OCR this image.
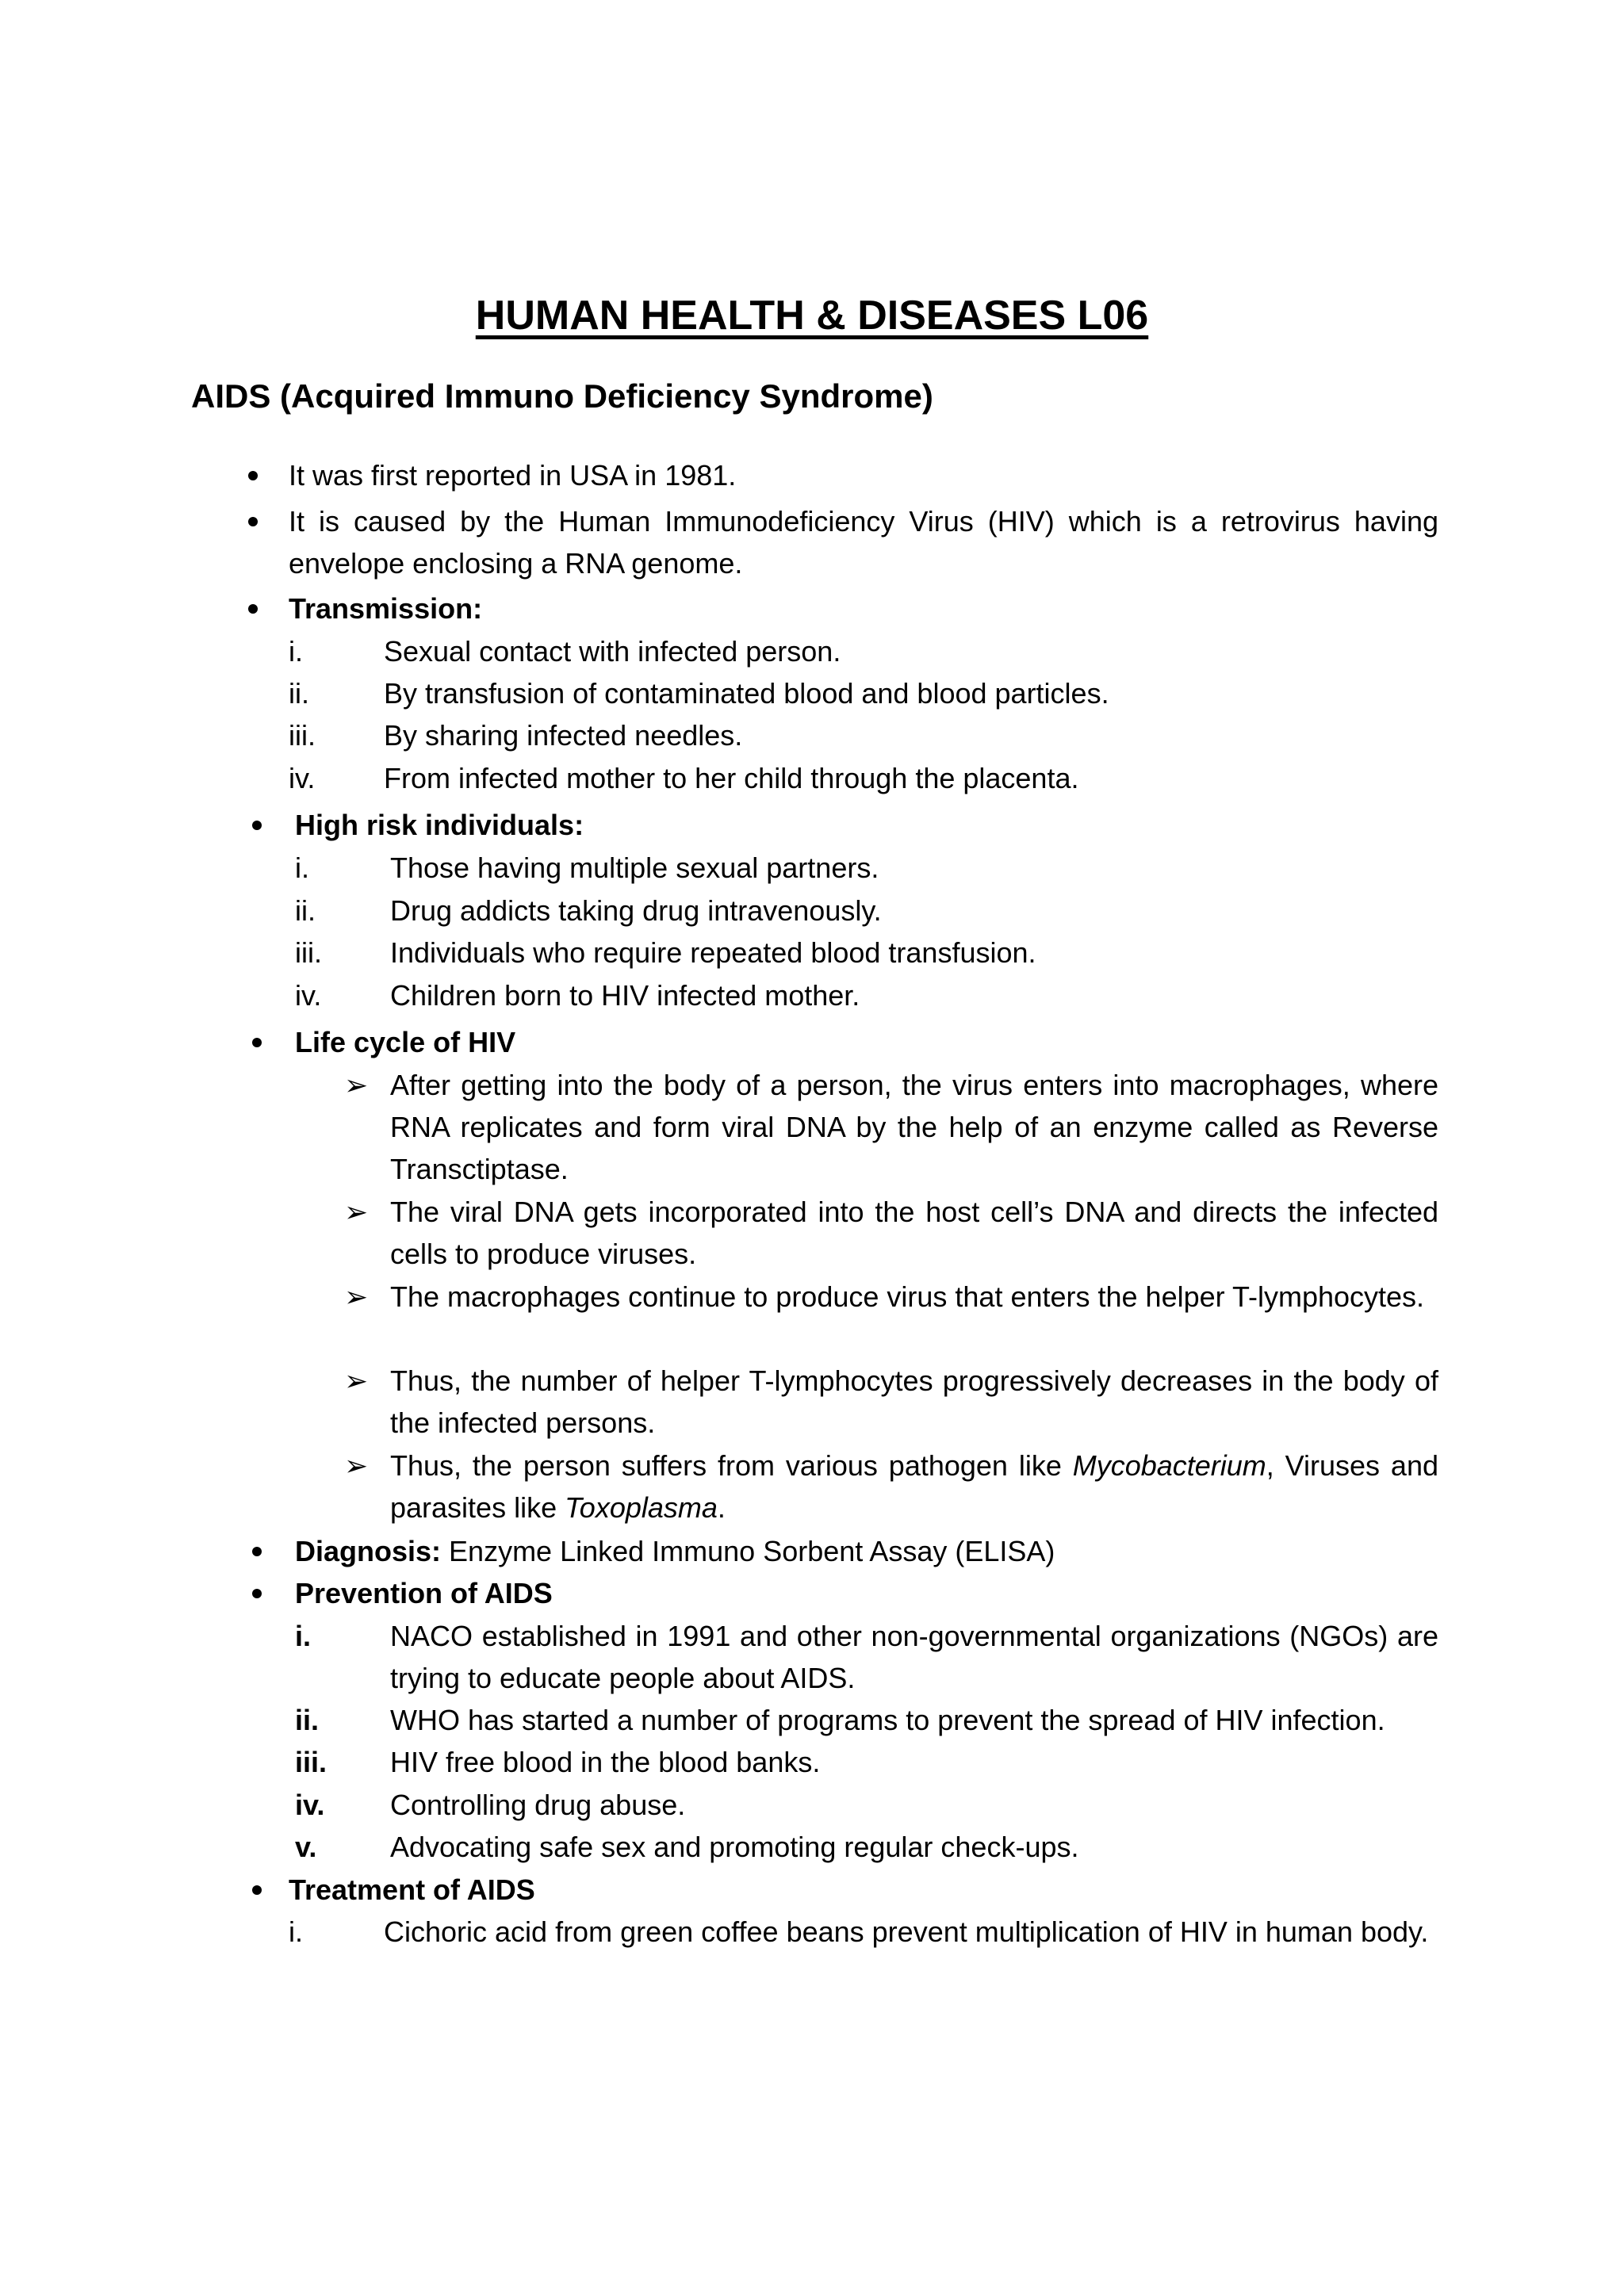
HUMAN HEALTH & DISEASES L06
AIDS (Acquired Immuno Deficiency Syndrome)
It was first reported in USA in 1981.
It is caused by the Human Immunodeficiency Virus (HIV) which is a retrovirus having envelope enclosing a RNA genome.
Transmission:
i.	Sexual contact with infected person.
ii.	By transfusion of contaminated blood and blood particles.
iii. By sharing infected needles.
iv. From infected mother to her child through the placenta.
High risk individuals:
i.	Those having multiple sexual partners.
ii.	Drug addicts taking drug intravenously.
iii. Individuals who require repeated blood transfusion.
iv. Children born to HIV infected mother.
Life cycle of HIV
➢ After getting into the body of a person, the virus enters into macrophages, where RNA replicates and form viral DNA by the help of an enzyme called as Reverse Transctiptase.
➢ The viral DNA gets incorporated into the host cell’s DNA and directs the infected cells to produce viruses.
➢ The macrophages continue to produce virus that enters the helper T-lymphocytes.
➢ Thus, the number of helper T-lymphocytes progressively decreases in the body of the infected persons.
➢ Thus, the person suffers from various pathogen like Mycobacterium, Viruses and parasites like Toxoplasma.
Diagnosis: Enzyme Linked Immuno Sorbent Assay (ELISA)
Prevention of AIDS
i.	NACO established in 1991 and other non-governmental organizations (NGOs) are trying to educate people about AIDS.
ii. WHO has started a number of programs to prevent the spread of HIV infection.
iii. HIV free blood in the blood banks.
iv. Controlling drug abuse.
v.	Advocating safe sex and promoting regular check-ups.
Treatment of AIDS
i.	Cichoric acid from green coffee beans prevent multiplication of HIV in human body.
